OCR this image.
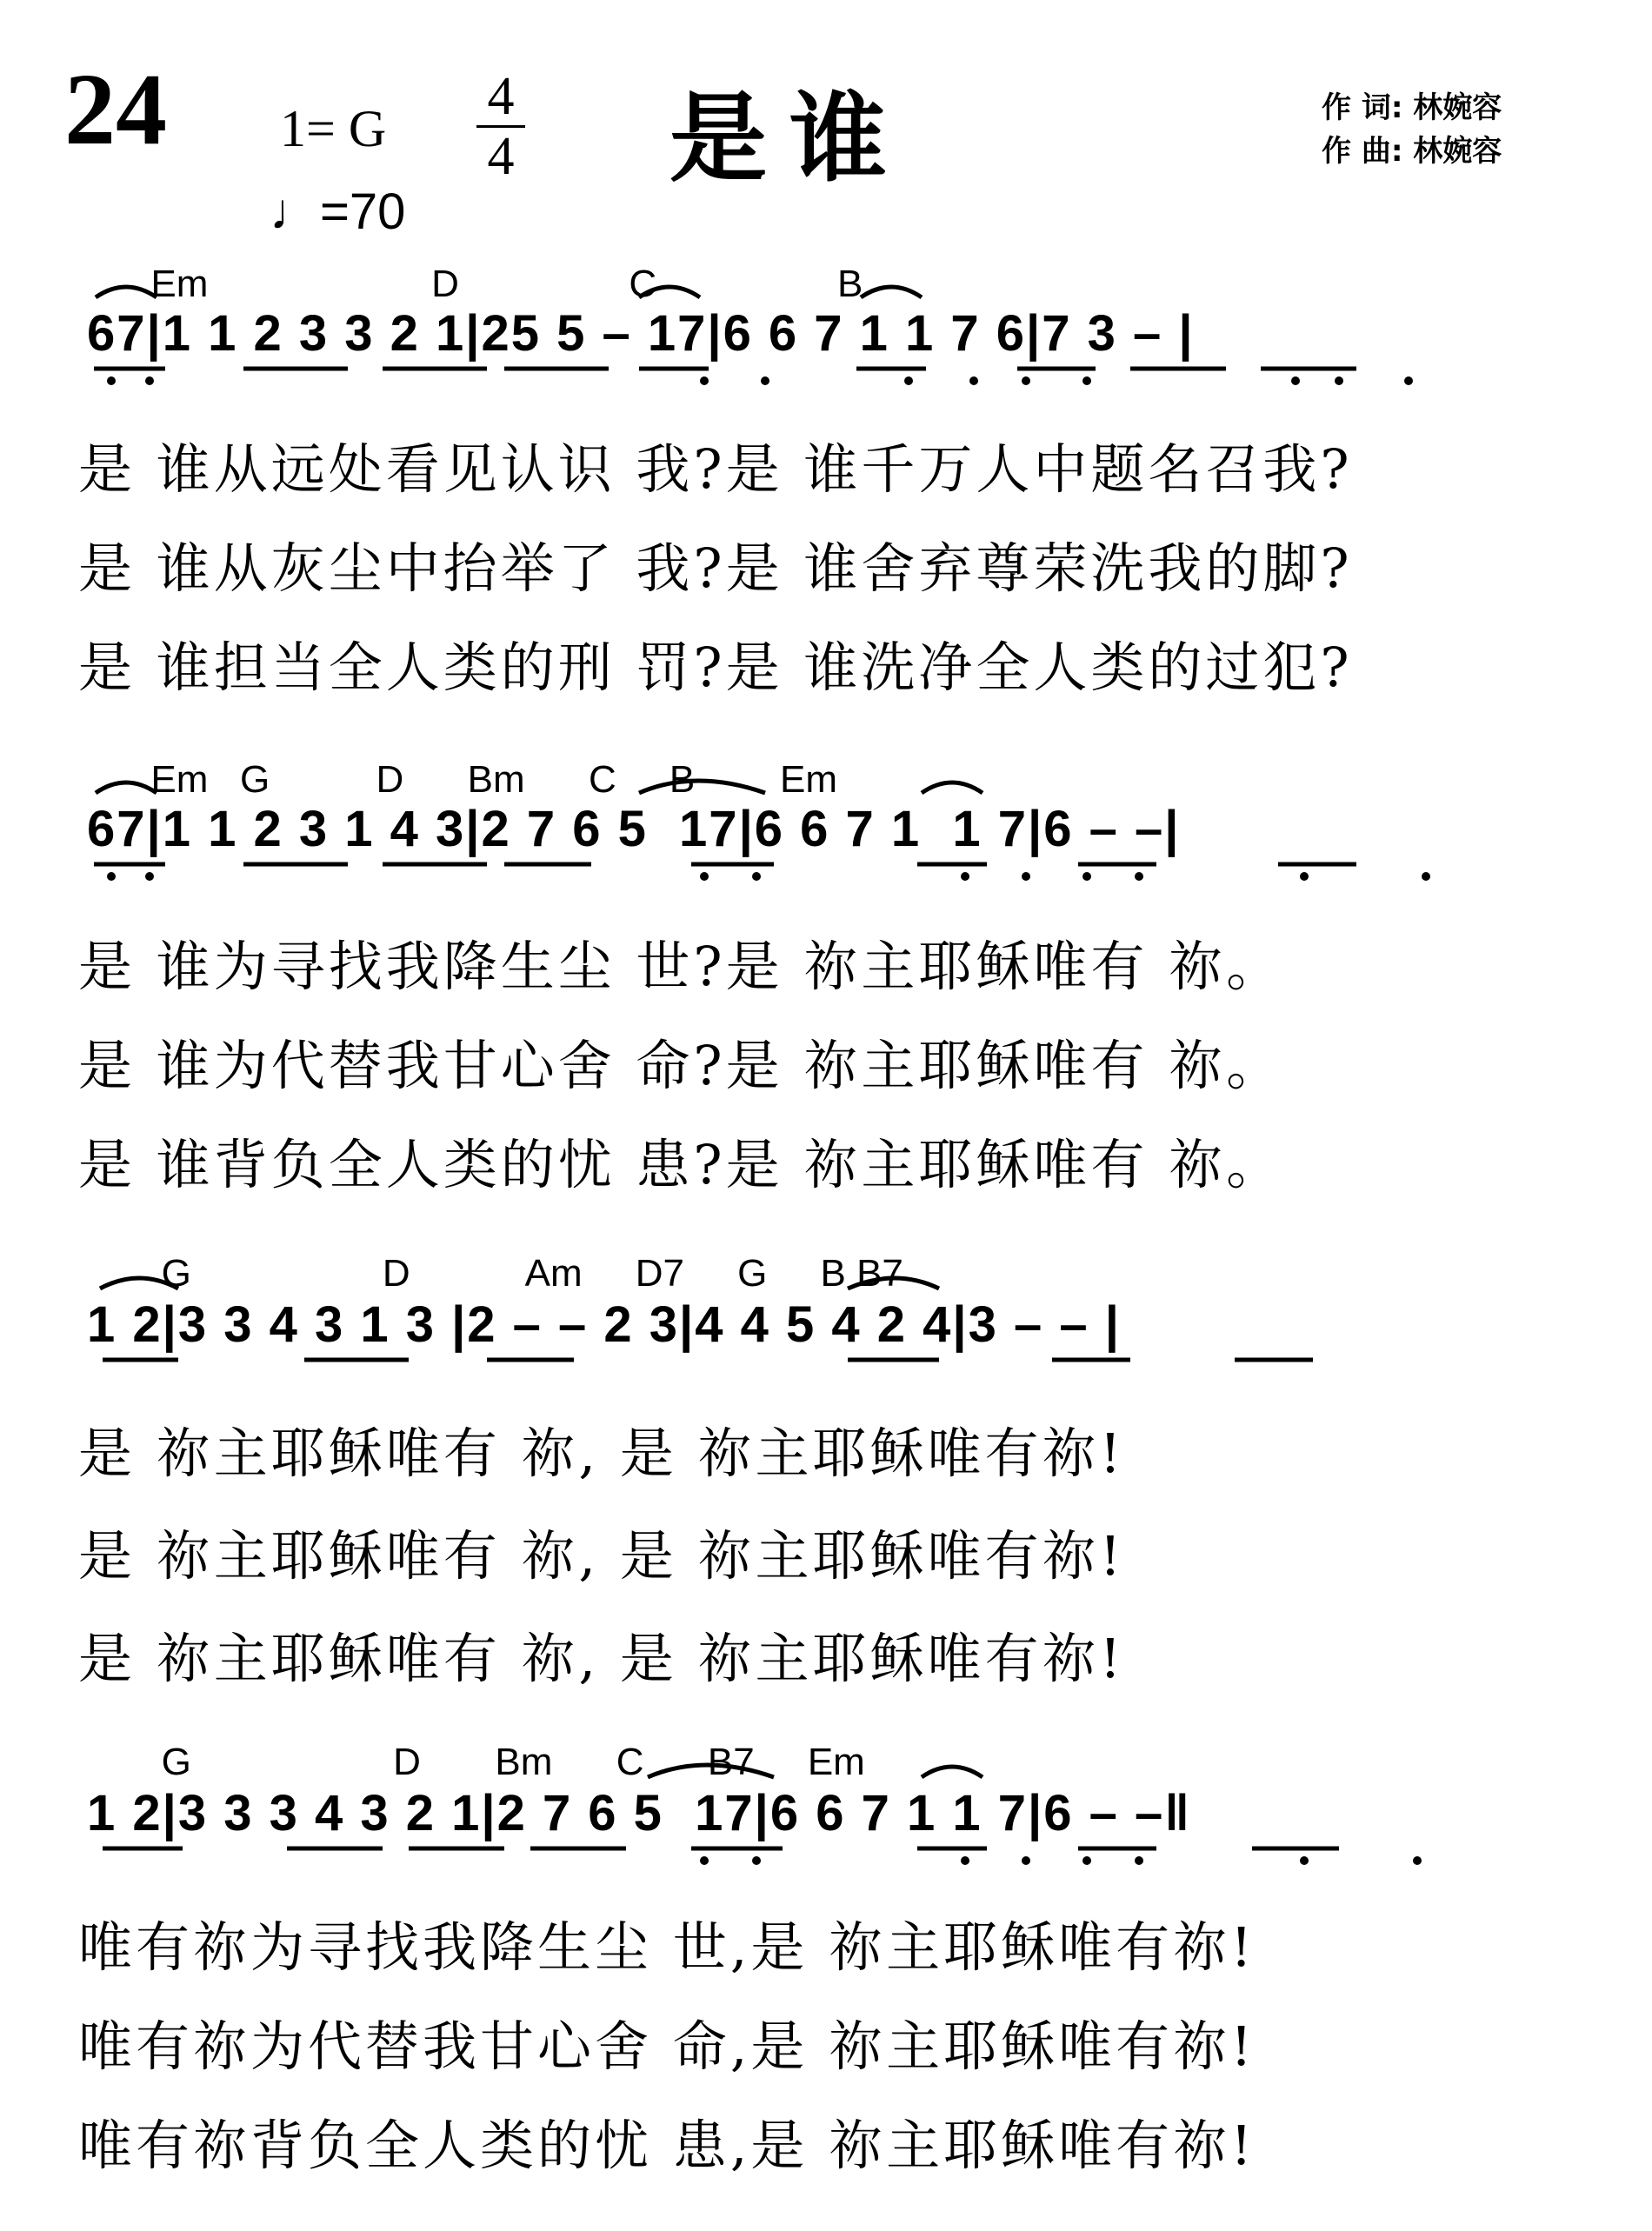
24 1= G
4
4 是谁	作 词: 林婉容
作 曲: 林婉容
♩=70
Em                     D                C                 B
67|1 1 2 3 3 2 1|25 5 – 17|6 6 7 1 1 7 6|7 3 – |
是 谁从远处看见认识 我?是 谁千万人中题名召我?
是 谁从灰尘中抬举了 我?是 谁舍弃尊荣洗我的脚?
是 谁担当全人类的刑 罚?是 谁洗净全人类的过犯?
Em   G          D      Bm      C     B        Em
67|1 1 2 3 1 4 3|2 7 6 5  17|6 6 7 1  1 7|6 – –|
是 谁为寻找我降生尘 世?是 祢主耶稣唯有 祢。
是 谁为代替我甘心舍 命?是 祢主耶稣唯有 祢。
是 谁背负全人类的忧 患?是 祢主耶稣唯有 祢。
G                  D           Am     D7     G     B B7
1 2|3 3 4 3 1 3 |2 – – 2 3|4 4 5 4 2 4|3 – – |
是 祢主耶稣唯有 祢, 是 祢主耶稣唯有祢!
是 祢主耶稣唯有 祢, 是 祢主耶稣唯有祢!
是 祢主耶稣唯有 祢, 是 祢主耶稣唯有祢!
G                   D       Bm      C      B7     Em
1 2|3 3 3 4 3 2 1|2 7 6 5  17|6 6 7 1 1 7|6 – –‖
唯有祢为寻找我降生尘 世,是 祢主耶稣唯有祢!
唯有祢为代替我甘心舍 命,是 祢主耶稣唯有祢!
唯有祢背负全人类的忧 患,是 祢主耶稣唯有祢!
